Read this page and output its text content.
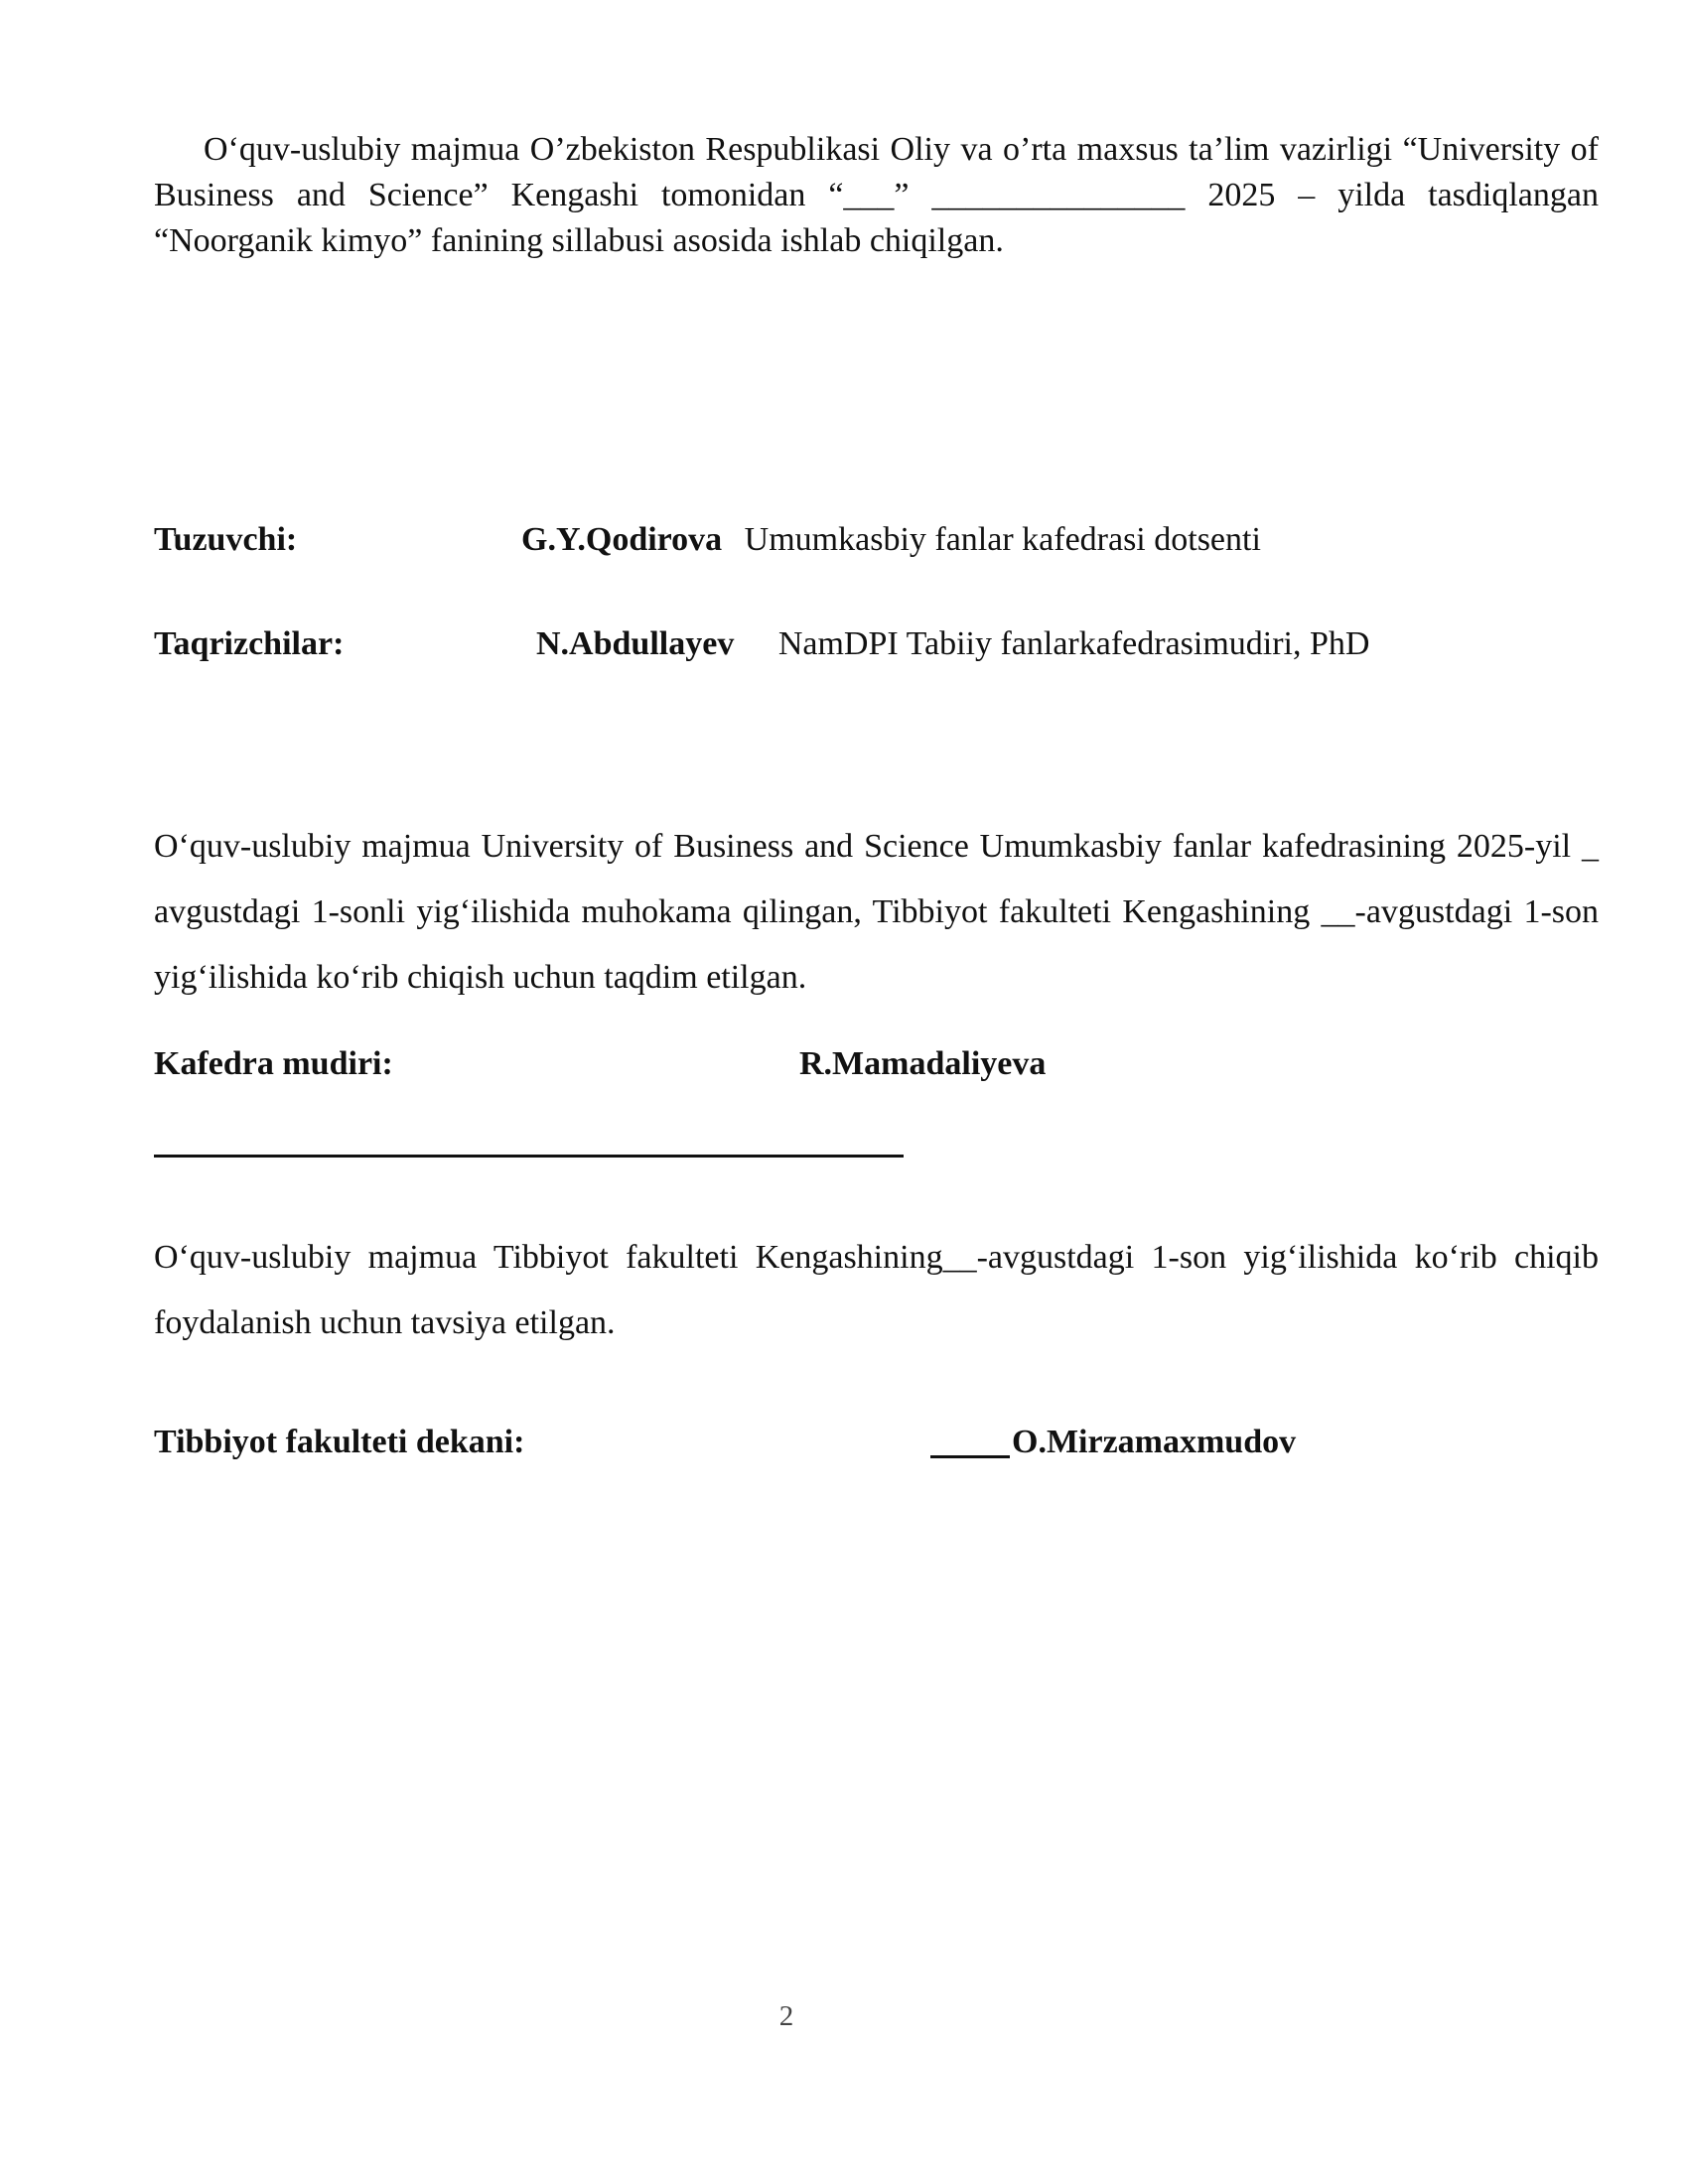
O‘quv-uslubiy majmua O’zbekiston Respublikasi Oliy va o’rta maxsus ta’lim vazirligi “University of Business and Science” Kengashi tomonidan “___” _______________ 2025 – yilda tasdiqlangan “Noorganik kimyo” fanining sillabusi asosida ishlab chiqilgan.

Tuzuvchi:	G.Y.Qodirova Umumkasbiy fanlar kafedrasi dotsenti
Taqrizchilar:	N.Abdullayev NamDPI Tabiiy fanlarkafedrasimudiri, PhD

O‘quv-uslubiy majmua University of Business and Science Umumkasbiy fanlar kafedrasining 2025-yil _ avgustdagi 1-sonli yig‘ilishida muhokama qilingan, Tibbiyot fakulteti Kengashining __-avgustdagi 1-son yig‘ilishida ko‘rib chiqish uchun taqdim etilgan.

Kafedra mudiri:	R.Mamadaliyeva

O‘quv-uslubiy majmua Tibbiyot fakulteti Kengashining__-avgustdagi 1-son yig‘ilishida ko‘rib chiqib foydalanish uchun tavsiya etilgan.

Tibbiyot fakulteti dekani:	O.Mirzamaxmudov
2
